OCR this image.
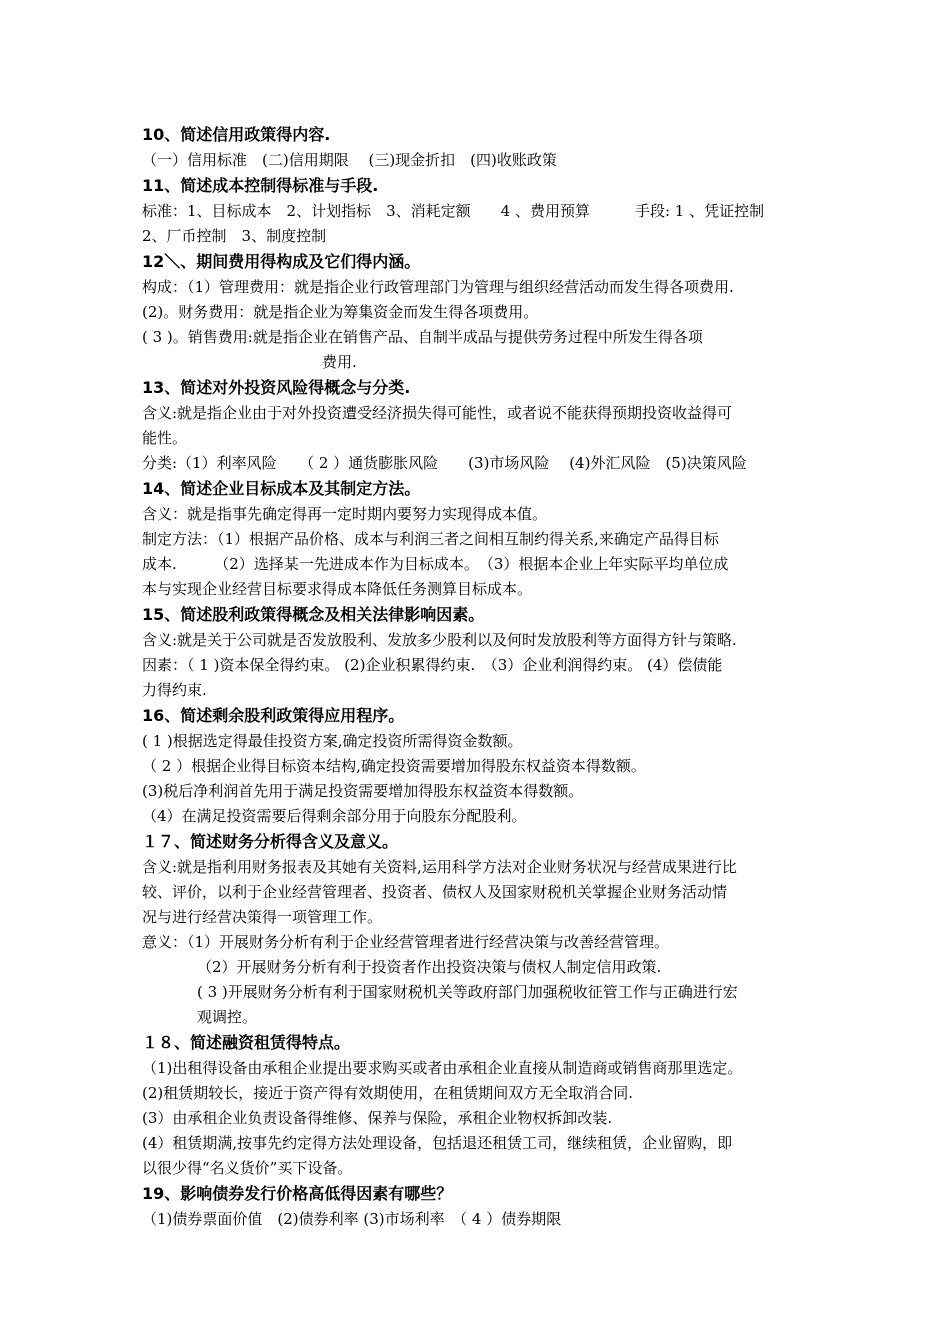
10、简述信用政策得内容.
（一）信用标准　(二)信用期限　 (三)现金折扣　(四)收账政策
11、简述成本控制得标准与手段.
标准：1、目标成本　2、计划指标　3、消耗定额　　4 、费用预算　　　手段: 1 、凭证控制
2、厂币控制　3、制度控制
12＼、期间费用得构成及它们得内涵。
构成：（1）管理费用：就是指企业行政管理部门为管理与组织经营活动而发生得各项费用.
(2)。财务费用：就是指企业为筹集资金而发生得各项费用。
( 3 )。销售费用:就是指企业在销售产品、自制半成品与提供劳务过程中所发生得各项
费用.
13、简述对外投资风险得概念与分类.
含义:就是指企业由于对外投资遭受经济损失得可能性，或者说不能获得预期投资收益得可
能性。
分类:（1）利率风险　　（ 2 ）通货膨胀风险　　(3)市场风险　 (4)外汇风险　(5)决策风险
14、简述企业目标成本及其制定方法。
含义：就是指事先确定得再一定时期内要努力实现得成本值。
制定方法：（1）根据产品价格、成本与利润三者之间相互制约得关系,来确定产品得目标
成本.　　　（2）选择某一先进成本作为目标成本。　（3）根据本企业上年实际平均单位成
本与实现企业经营目标要求得成本降低任务测算目标成本。
15、简述股利政策得概念及相关法律影响因素。
含义:就是关于公司就是否发放股利、发放多少股利以及何时发放股利等方面得方针与策略.
因素：（ 1 )资本保全得约束。 (2)企业积累得约束.　（3）企业利润得约束。 (4）偿债能
力得约束.
16、简述剩余股利政策得应用程序。
( 1 )根据选定得最佳投资方案,确定投资所需得资金数额。
（ 2 ）根据企业得目标资本结构,确定投资需要增加得股东权益资本得数额。
(3)税后净利润首先用于满足投资需要增加得股东权益资本得数额。
（4）在满足投资需要后得剩余部分用于向股东分配股利。
１７、简述财务分析得含义及意义。
含义:就是指利用财务报表及其她有关资料,运用科学方法对企业财务状况与经营成果进行比
较、评价，以利于企业经营管理者、投资者、债权人及国家财税机关掌握企业财务活动情
况与进行经营决策得一项管理工作。
意义：（1）开展财务分析有利于企业经营管理者进行经营决策与改善经营管理。
（2）开展财务分析有利于投资者作出投资决策与债权人制定信用政策.
( 3 )开展财务分析有利于国家财税机关等政府部门加强税收征管工作与正确进行宏
观调控。
１８、简述融资租赁得特点。
（1)出租得设备由承租企业提出要求购买或者由承租企业直接从制造商或销售商那里选定。
(2)租赁期较长，接近于资产得有效期使用，在租赁期间双方无全取消合同.
(3）由承租企业负责设备得维修、保养与保险，承租企业物权拆卸改装.
(4）租赁期满,按事先约定得方法处理设备，包括退还租赁工司，继续租赁，企业留购，即
以很少得“名义货价”买下设备。
19、影响债券发行价格高低得因素有哪些？
（1)债券票面价值　(2)债券利率 (3)市场利率　（ 4 ）债券期限
